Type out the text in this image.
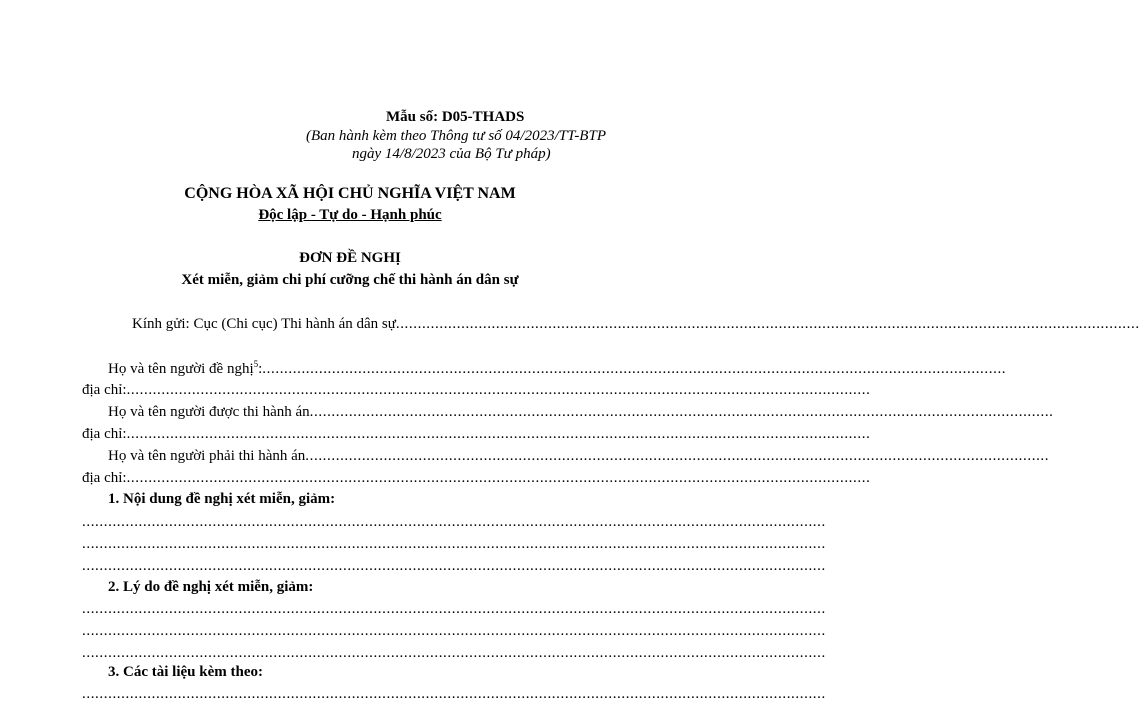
Mẫu số: D05-THADS
(Ban hành kèm theo Thông tư số 04/2023/TT-BTP
ngày 14/8/2023 của Bộ Tư pháp)
CỘNG HÒA XÃ HỘI CHỦ NGHĨA VIỆT NAM
Độc lập - Tự do - Hạnh phúc
ĐƠN ĐỀ NGHỊ
Xét miễn, giảm chi phí cưỡng chế thi hành án dân sự
Kính gửi: Cục (Chi cục) Thi hành án dân sự...........................................................................................................................................................................
Họ và tên người đề nghị$^5$:...........................................................................................................................................................................
địa chỉ:...........................................................................................................................................................................
Họ và tên người được thi hành án...........................................................................................................................................................................
địa chỉ:...........................................................................................................................................................................
Họ và tên người phải thi hành án...........................................................................................................................................................................
địa chỉ:...........................................................................................................................................................................
1. Nội dung đề nghị xét miễn, giảm:
...........................................................................................................................................................................
...........................................................................................................................................................................
...........................................................................................................................................................................
2. Lý do đề nghị xét miễn, giảm:
...........................................................................................................................................................................
...........................................................................................................................................................................
...........................................................................................................................................................................
3. Các tài liệu kèm theo:
...........................................................................................................................................................................
